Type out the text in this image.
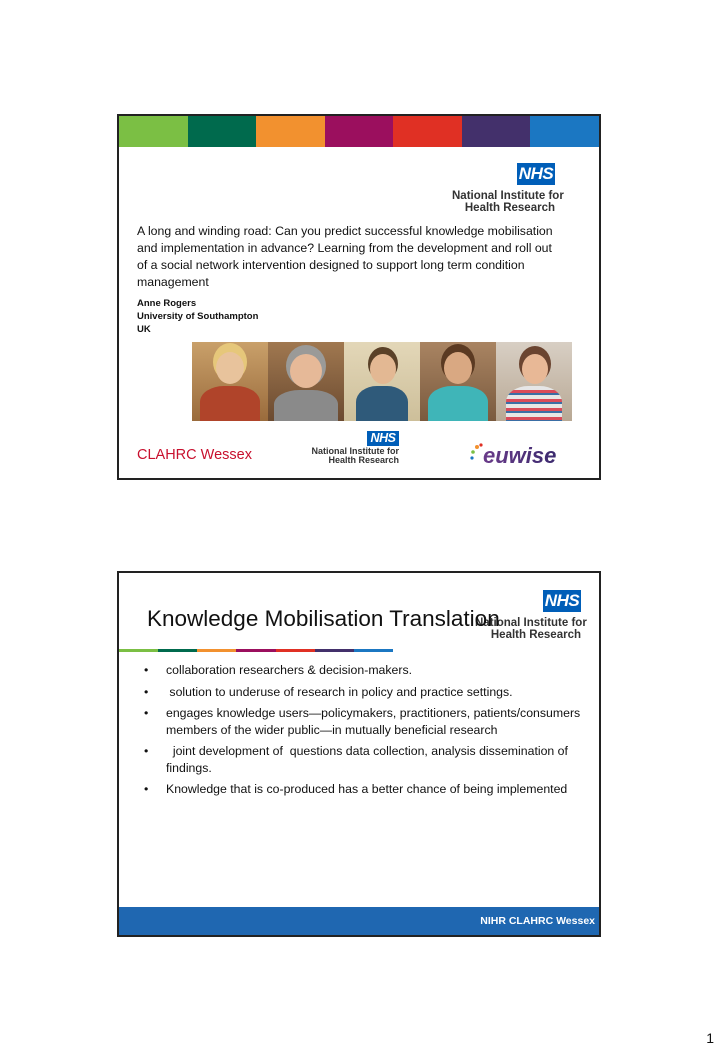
NHS
National Institute for
Health Research
A long and winding road: Can you predict successful knowledge mobilisation and implementation in advance? Learning from the development and roll out of a social network intervention designed to support long term condition management
Anne Rogers
University of Southampton
UK
CLAHRC Wessex
NHS
National Institute for
Health Research	euwise
NHS
National Institute for
Health Research
Knowledge Mobilisation Translation
• collaboration researchers & decision-makers.
• solution to underuse of research in policy and practice settings.
• engages knowledge users—policymakers, practitioners, patients/consumers members of the wider public—in mutually beneficial research
• joint development of  questions data collection, analysis dissemination of findings.
• Knowledge that is co-produced has a better chance of being implemented
NIHR CLAHRC Wessex
1
